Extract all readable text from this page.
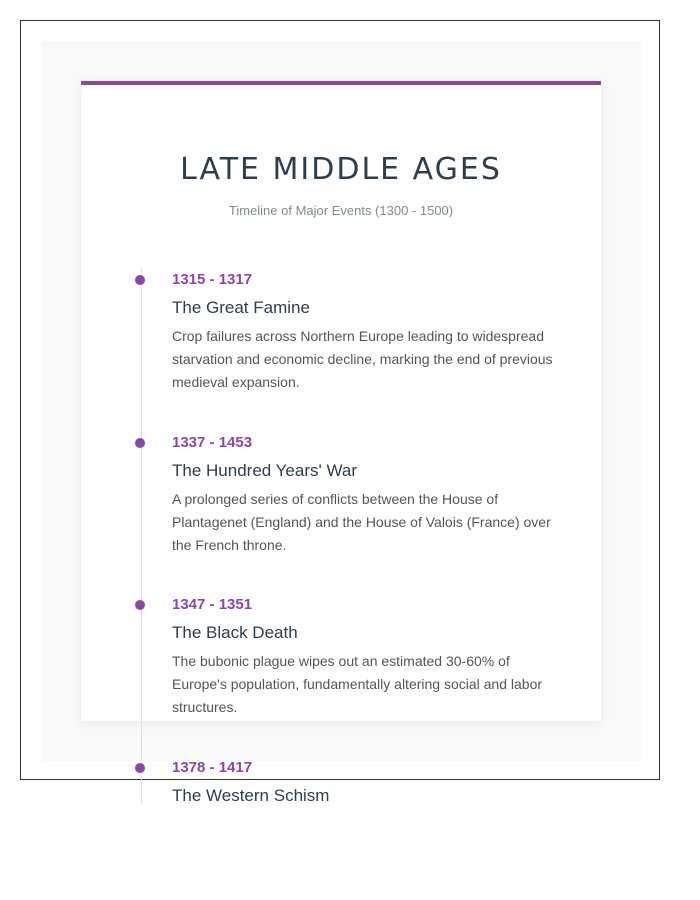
LATE MIDDLE AGES

Timeline of Major Events (1300 - 1500)

1315 - 1317

The Great Famine

Crop failures across Northern Europe leading to widespread starvation and economic decline, marking the end of previous medieval expansion.

1337 - 1453

The Hundred Years' War

A prolonged series of conflicts between the House of Plantagenet (England) and the House of Valois (France) over the French throne.

1347 - 1351

The Black Death

The bubonic plague wipes out an estimated 30-60% of Europe's population, fundamentally altering social and labor structures.

1378 - 1417

The Western Schism
